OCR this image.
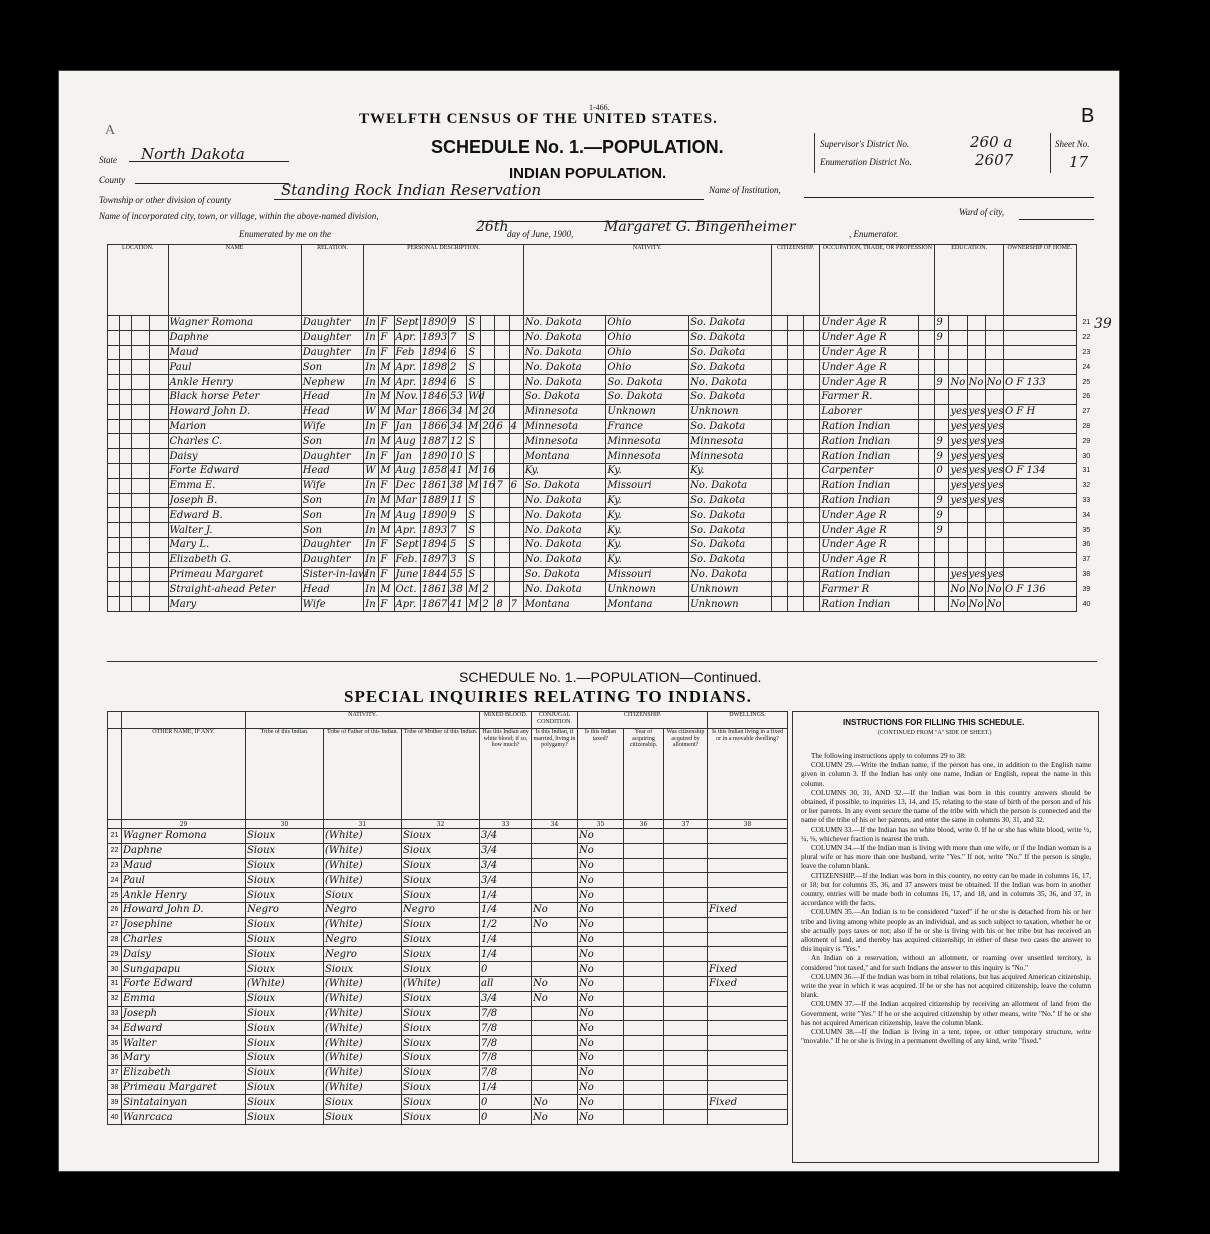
1-466.	B
A
TWELFTH CENSUS OF THE UNITED STATES.
SCHEDULE No. 1.—POPULATION.
INDIAN POPULATION.
Supervisor's District No.	260 a
Enumeration District No.	2607
Sheet No.
17
State North Dakota
County
Township or other division of county
Standing Rock Indian Reservation	Name of Institution,
Name of incorporated city, town, or village, within the above-named division,	Ward of city,
Enumerated by me on the	26th
day of June, 1900, Margaret G. Bingenheimer	, Enumerator.
39
LOCATION.				NAME	RELATION.	PERSONAL DESCRIPTION.									NATIVITY.			CITIZENSHIP.			OCCUPATION, TRADE, OR PROFESSION		EDUCATION.				OWNERSHIP OF HOME.	
				Wagner Romona	Daughter	In	F	Sept	1890	9	S				No. Dakota	Ohio	So. Dakota				Under Age R		9					21
				Daphne	Daughter	In	F	Apr.	1893	7	S				No. Dakota	Ohio	So. Dakota				Under Age R		9					22
				Maud	Daughter	In	F	Feb	1894	6	S				No. Dakota	Ohio	So. Dakota				Under Age R							23
				Paul	Son	In	M	Apr.	1898	2	S				No. Dakota	Ohio	So. Dakota				Under Age R							24
				Ankle Henry	Nephew	In	M	Apr.	1894	6	S				No. Dakota	So. Dakota	No. Dakota				Under Age R		9	No	No	No	O F 133	25
				Black horse Peter	Head	In	M	Nov.	1846	53	Wd				So. Dakota	So. Dakota	So. Dakota				Farmer R.							26
				Howard John D.	Head	W	M	Mar	1866	34	M	20			Minnesota	Unknown	Unknown				Laborer			yes	yes	yes	O F H	27
				Marion	Wife	In	F	Jan	1866	34	M	20	6	4	Minnesota	France	So. Dakota				Ration Indian			yes	yes	yes		28
				Charles C.	Son	In	M	Aug	1887	12	S				Minnesota	Minnesota	Minnesota				Ration Indian		9	yes	yes	yes		29
				Daisy	Daughter	In	F	Jan	1890	10	S				Montana	Minnesota	Minnesota				Ration Indian		9	yes	yes	yes		30
				Forte Edward	Head	W	M	Aug	1858	41	M	16			Ky.	Ky.	Ky.				Carpenter		0	yes	yes	yes	O F 134	31
				Emma E.	Wife	In	F	Dec	1861	38	M	16	7	6	So. Dakota	Missouri	No. Dakota				Ration Indian			yes	yes	yes		32
				Joseph B.	Son	In	M	Mar	1889	11	S				No. Dakota	Ky.	So. Dakota				Ration Indian		9	yes	yes	yes		33
				Edward B.	Son	In	M	Aug	1890	9	S				No. Dakota	Ky.	So. Dakota				Under Age R		9					34
				Walter J.	Son	In	M	Apr.	1893	7	S				No. Dakota	Ky.	So. Dakota				Under Age R		9					35
				Mary L.	Daughter	In	F	Sept	1894	5	S				No. Dakota	Ky.	So. Dakota				Under Age R							36
				Elizabeth G.	Daughter	In	F	Feb.	1897	3	S				No. Dakota	Ky.	So. Dakota				Under Age R							37
				Primeau Margaret	Sister-in-law	In	F	June	1844	55	S				So. Dakota	Missouri	No. Dakota				Ration Indian			yes	yes	yes		38
				Straight-ahead Peter	Head	In	M	Oct.	1861	38	M	2			No. Dakota	Unknown	Unknown				Farmer R			No	No	No	O F 136	39
				Mary	Wife	In	F	Apr.	1867	41	M	2	8	7	Montana	Montana	Unknown				Ration Indian			No	No	No		40
SCHEDULE No. 1.—POPULATION—Continued.
SPECIAL INQUIRIES RELATING TO INDIANS.
		NATIVITY.			MIXED BLOOD.	CONJUGAL CONDITION.	CITIZENSHIP.			DWELLINGS.
	OTHER NAME, IF ANY.	Tribe of this Indian.	Tribe of Father of this Indian.	Tribe of Mother of this Indian.	Has this Indian any white blood; if so, how much?	Is this Indian, if married, living in polygamy?	Is this Indian taxed?	Year of acquiring citizenship.	Was citizenship acquired by allotment?	Is this Indian living in a fixed or in a movable dwelling?
	29	30	31	32	33	34	35	36	37	38
21	Wagner Romona	Sioux	(White)	Sioux	3/4		No			
22	Daphne	Sioux	(White)	Sioux	3/4		No			
23	Maud	Sioux	(White)	Sioux	3/4		No			
24	Paul	Sioux	(White)	Sioux	3/4		No			
25	Ankle Henry	Sioux	Sioux	Sioux	1/4		No			
26	Howard John D.	Negro	Negro	Negro	1/4	No	No			Fixed
27	Josephine	Sioux	(White)	Sioux	1/2	No	No			
28	Charles	Sioux	Negro	Sioux	1/4		No			
29	Daisy	Sioux	Negro	Sioux	1/4		No			
30	Sungapapu	Sioux	Sioux	Sioux	0		No			Fixed
31	Forte Edward	(White)	(White)	(White)	all	No	No			Fixed
32	Emma	Sioux	(White)	Sioux	3/4	No	No			
33	Joseph	Sioux	(White)	Sioux	7/8		No			
34	Edward	Sioux	(White)	Sioux	7/8		No			
35	Walter	Sioux	(White)	Sioux	7/8		No			
36	Mary	Sioux	(White)	Sioux	7/8		No			
37	Elizabeth	Sioux	(White)	Sioux	7/8		No			
38	Primeau Margaret	Sioux	(White)	Sioux	1/4		No			
39	Sintatainyan	Sioux	Sioux	Sioux	0	No	No			Fixed
40	Wanrcaca	Sioux	Sioux	Sioux	0	No	No			
INSTRUCTIONS FOR FILLING THIS SCHEDULE.
(CONTINUED FROM "A" SIDE OF SHEET.)
The following instructions apply to columns 29 to 38:
COLUMN 29.—Write the Indian name, if the person has one, in addition to the English name given in column 3. If the Indian has only one name, Indian or English, repeat the name in this column.
COLUMNS 30, 31, AND 32.—If the Indian was born in this country answers should be obtained, if possible, to inquiries 13, 14, and 15, relating to the state of birth of the person and of his or her parents. In any event secure the name of the tribe with which the person is connected and the name of the tribe of his or her parents, and enter the same in columns 30, 31, and 32.
COLUMN 33.—If the Indian has no white blood, write 0. If he or she has white blood, write ½, ¼, ⅛, whichever fraction is nearest the truth.
COLUMN 34.—If the Indian man is living with more than one wife, or if the Indian woman is a plural wife or has more than one husband, write "Yes." If not, write "No." If the person is single, leave the column blank.
CITIZENSHIP.—If the Indian was born in this country, no entry can be made in columns 16, 17, or 18; but for columns 35, 36, and 37 answers must be obtained. If the Indian was born in another country, entries will be made both in columns 16, 17, and 18, and in columns 35, 36, and 37, in accordance with the facts.
COLUMN 35.—An Indian is to be considered "taxed" if he or she is detached from his or her tribe and living among white people as an individual, and as such subject to taxation, whether he or she actually pays taxes or not; also if he or she is living with his or her tribe but has received an allotment of land, and thereby has acquired citizenship; in either of these two cases the answer to this inquiry is "Yes."
An Indian on a reservation, without an allotment, or roaming over unsettled territory, is considered "not taxed," and for such Indians the answer to this inquiry is "No."
COLUMN 36.—If the Indian was born in tribal relations, but has acquired American citizenship, write the year in which it was acquired. If he or she has not acquired citizenship, leave the column blank.
COLUMN 37.—If the Indian acquired citizenship by receiving an allotment of land from the Government, write "Yes." If he or she acquired citizenship by other means, write "No." If he or she has not acquired American citizenship, leave the column blank.
COLUMN 38.—If the Indian is living in a tent, tepee, or other temporary structure, write "movable." If he or she is living in a permanent dwelling of any kind, write "fixed."
